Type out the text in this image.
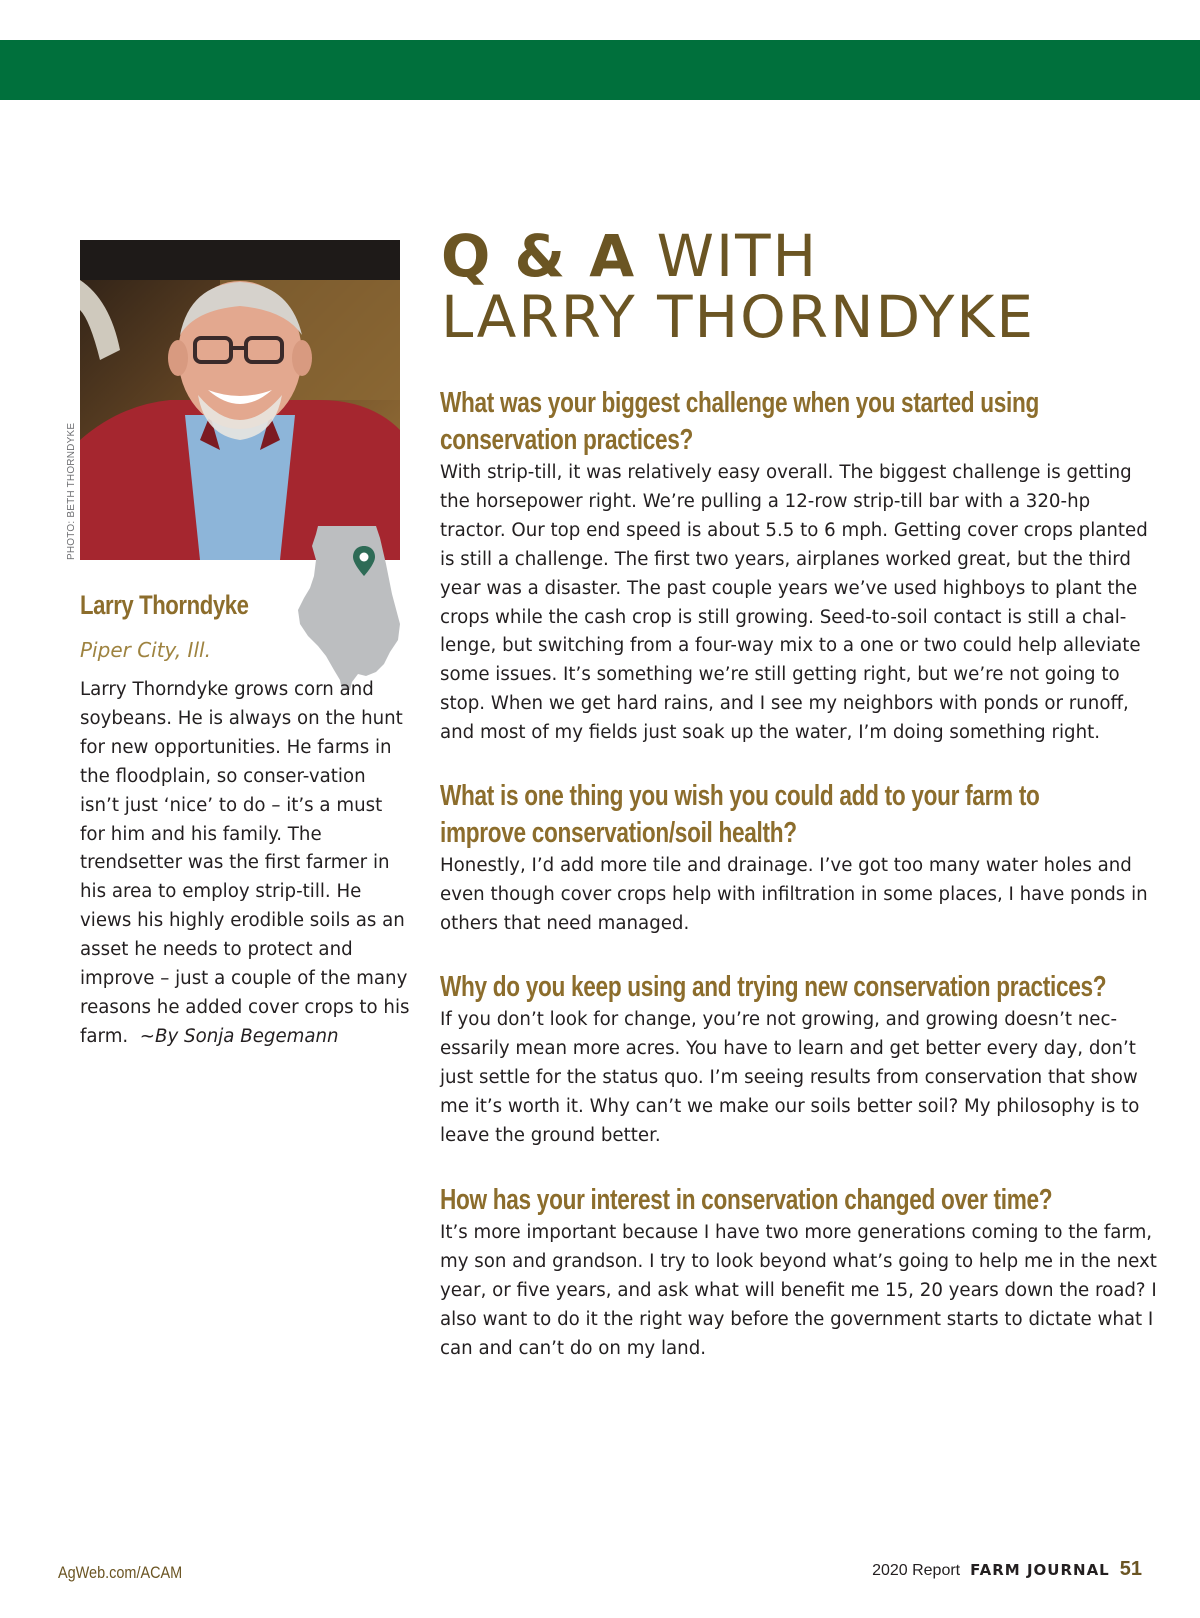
PHOTO: BETH THORNDYKE
Larry Thorndyke

Piper City, Ill.

Larry Thorndyke grows corn and soybeans. He is always on the hunt for new opportunities. He farms in the floodplain, so conser-vation isn’t just ‘nice’ to do – it’s a must for him and his family. The trendsetter was the first farmer in his area to employ strip-till. He views his highly erodible soils as an asset he needs to protect and improve – just a couple of the many reasons he added cover crops to his farm. ~By Sonja Begemann

Q & A WITH
LARRY THORNDYKE
What was your biggest challenge when you started using conservation practices?

With strip-till, it was relatively easy overall. The biggest challenge is getting the horsepower right. We’re pulling a 12-row strip-till bar with a 320-hp tractor. Our top end speed is about 5.5 to 6 mph. Getting cover crops planted is still a challenge. The first two years, airplanes worked great, but the third year was a disaster. The past couple years we’ve used highboys to plant the crops while the cash crop is still growing. Seed-to-soil contact is still a chal-lenge, but switching from a four-way mix to a one or two could help alleviate some issues. It’s something we’re still getting right, but we’re not going to stop. When we get hard rains, and I see my neighbors with ponds or runoff, and most of my fields just soak up the water, I’m doing something right.

What is one thing you wish you could add to your farm to improve conservation/soil health?

Honestly, I’d add more tile and drainage. I’ve got too many water holes and even though cover crops help with infiltration in some places, I have ponds in others that need managed.

Why do you keep using and trying new conservation practices?

If you don’t look for change, you’re not growing, and growing doesn’t nec-essarily mean more acres. You have to learn and get better every day, don’t just settle for the status quo. I’m seeing results from conservation that show me it’s worth it. Why can’t we make our soils better soil? My philosophy is to leave the ground better.

How has your interest in conservation changed over time?

It’s more important because I have two more generations coming to the farm, my son and grandson. I try to look beyond what’s going to help me in the next year, or five years, and ask what will benefit me 15, 20 years down the road? I also want to do it the right way before the government starts to dictate what I can and can’t do on my land.

AgWeb.com/ACAM	2020 Report FARM JOURNAL 51
